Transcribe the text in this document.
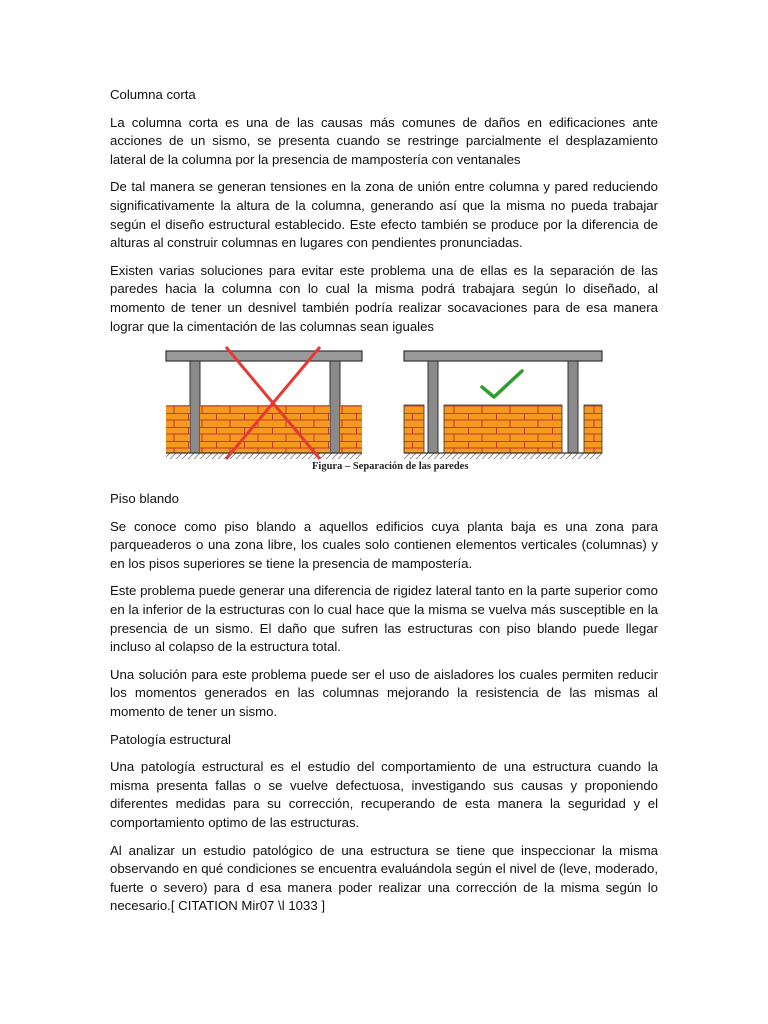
Columna corta

La columna corta es una de las causas más comunes de daños en edificaciones ante acciones de un sismo, se presenta cuando se restringe parcialmente el desplazamiento lateral de la columna por la presencia de mampostería con ventanales

De tal manera se generan tensiones en la zona de unión entre columna y pared reduciendo significativamente la altura de la columna, generando así que la misma no pueda trabajar según el diseño estructural establecido. Este efecto también se produce por la diferencia de alturas al construir columnas en lugares con pendientes pronunciadas.

Existen varias soluciones para evitar este problema una de ellas es la separación de las paredes hacia la columna con lo cual la misma podrá trabajara según lo diseñado, al momento de tener un desnivel también podría realizar socavaciones para de esa manera lograr que la cimentación de las columnas sean iguales

Figura – Separación de las paredes

Piso blando

Se conoce como piso blando a aquellos edificios cuya planta baja es una zona para parqueaderos o una zona libre, los cuales solo contienen elementos verticales (columnas) y en los pisos superiores se tiene la presencia de mampostería.

Este problema puede generar una diferencia de rigidez lateral tanto en la parte superior como en la inferior de la estructuras con lo cual hace que la misma se vuelva más susceptible en la presencia de un sismo. El daño que sufren las estructuras con piso blando puede llegar incluso al colapso de la estructura total.

Una solución para este problema puede ser el uso de aisladores los cuales permiten reducir los momentos generados en las columnas mejorando la resistencia de las mismas al momento de tener un sismo.

Patología estructural

Una patología estructural es el estudio del comportamiento de una estructura cuando la misma presenta fallas o se vuelve defectuosa, investigando sus causas y proponiendo diferentes medidas para su corrección, recuperando de esta manera la seguridad y el comportamiento optimo de las estructuras.

Al analizar un estudio patológico de una estructura se tiene que inspeccionar la misma observando en qué condiciones se encuentra evaluándola según el nivel de (leve, moderado, fuerte o severo) para d esa manera poder realizar una corrección de la misma según lo necesario.[ CITATION Mir07 \l 1033 ]
